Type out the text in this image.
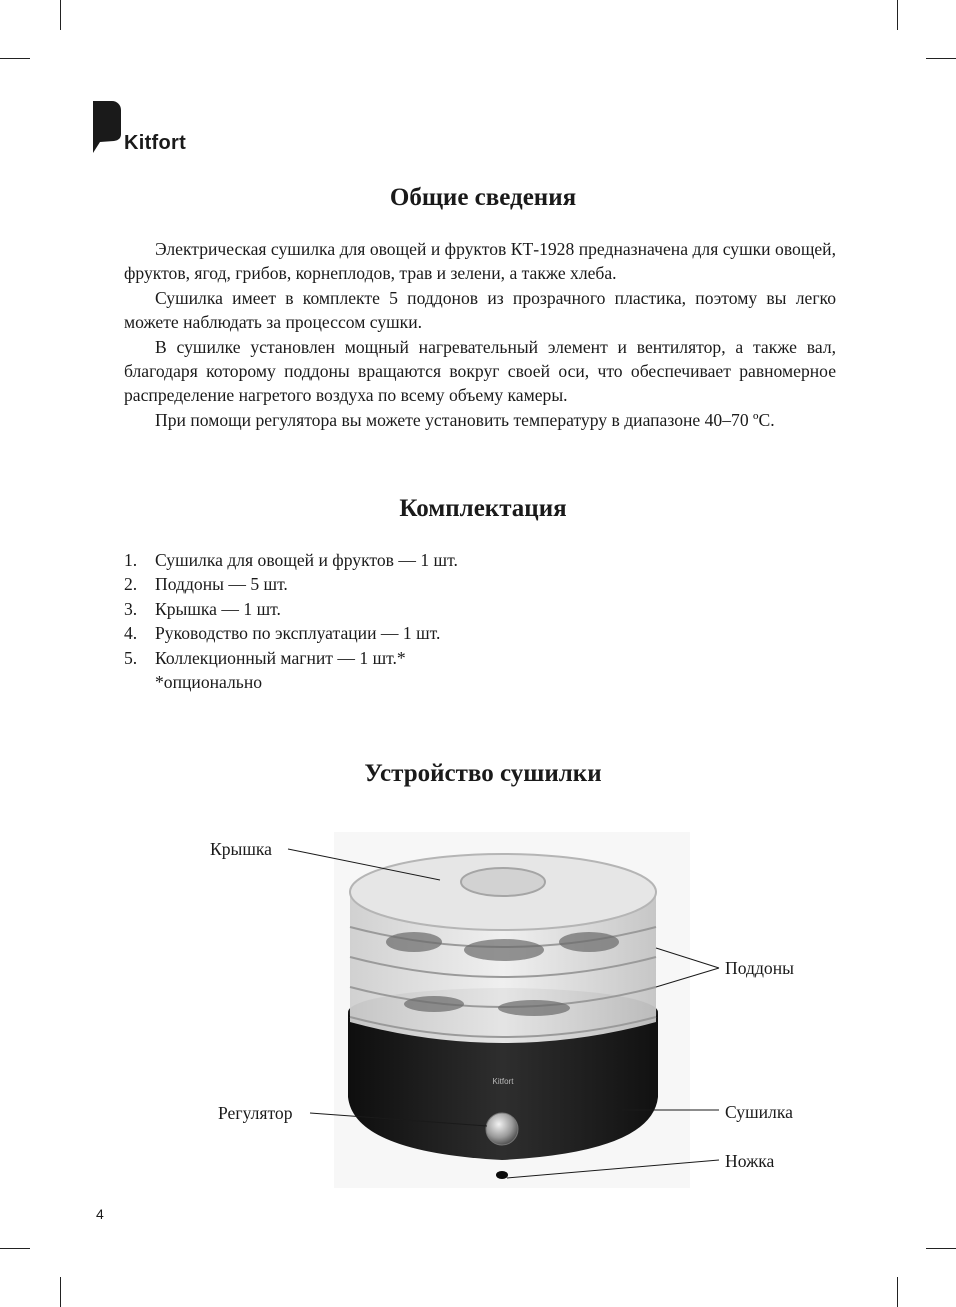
Kitfort
Общие сведения

Электрическая сушилка для овощей и фруктов КТ-1928 предназначена для сушки овощей, фруктов, ягод, грибов, корнеплодов, трав и зелени, а также хлеба.

Сушилка имеет в комплекте 5 поддонов из прозрачного пластика, поэтому вы легко можете наблюдать за процессом сушки.

В сушилке установлен мощный нагревательный элемент и вентилятор, а также вал, благодаря которому поддоны вращаются вокруг своей оси, что обеспечивает равномерное распределение нагретого воздуха по всему объему камеры.

При помощи регулятора вы можете установить температуру в диапазоне 40–70 ºC.

Комплектация
1.	Сушилка для овощей и фруктов — 1 шт.
2.	Поддоны — 5 шт.
3.	Крышка — 1 шт.
4.	Руководство по эксплуатации — 1 шт.
5.	Коллекционный магнит — 1 шт.*
*опционально
Устройство сушилки
Kitfort
Крышка
Поддоны
Регулятор	Сушилка
Ножка
4
